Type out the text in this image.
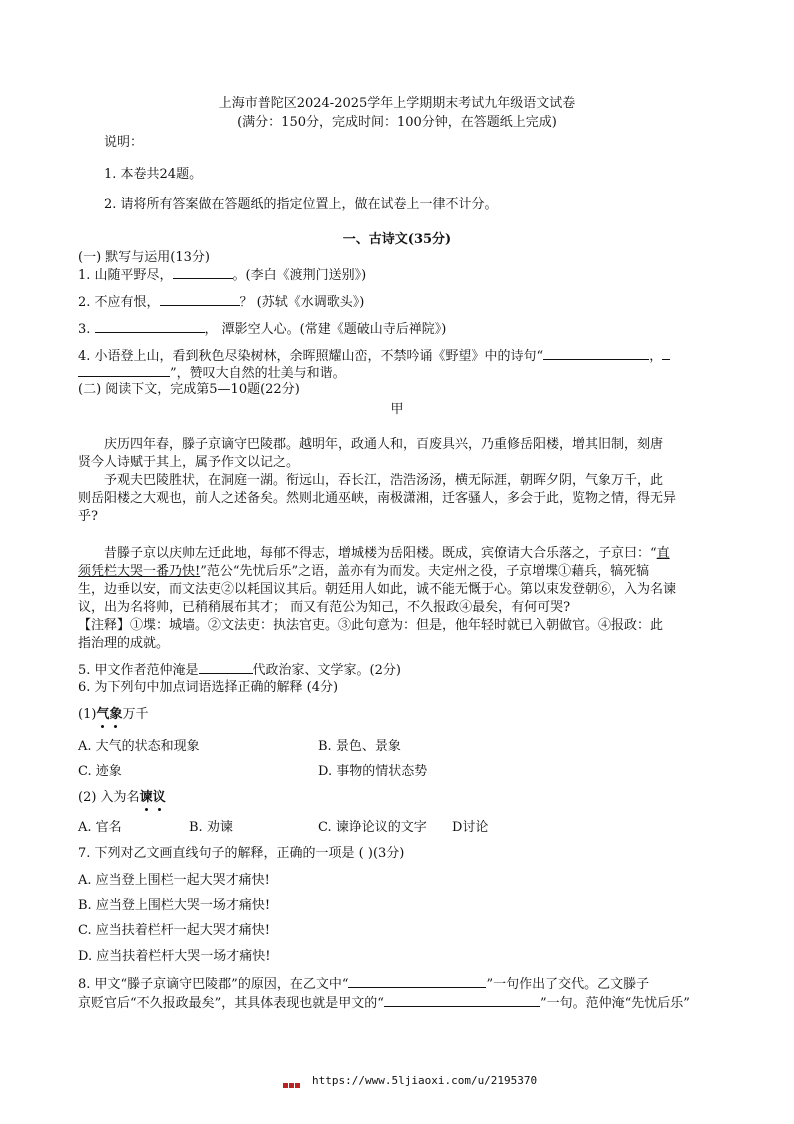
上海市普陀区2024-2025学年上学期期末考试九年级语文试卷
(满分：150分，完成时间：100分钟，在答题纸上完成)
说明：
1. 本卷共24题。
2. 请将所有答案做在答题纸的指定位置上，做在试卷上一律不计分。
一、古诗文(35分)
(一) 默写与运用(13分)
1. 山随平野尽，	。(李白《渡荆门送别》)
2. 不应有恨，	？ (苏轼《水调歌头》)
3.	， 潭影空人心。(常建《题破山寺后禅院》)
4. 小语登上山，看到秋色尽染树林，余晖照耀山峦，不禁吟诵《野望》中的诗句“	，
”，赞叹大自然的壮美与和谐。
(二) 阅读下文，完成第5—10题(22分)
甲
庆历四年春，滕子京谪守巴陵郡。越明年，政通人和，百废具兴，乃重修岳阳楼，增其旧制，刻唐
贤今人诗赋于其上，属予作文以记之。
予观夫巴陵胜状，在洞庭一湖。衔远山，吞长江，浩浩汤汤，横无际涯，朝晖夕阴，气象万千，此
则岳阳楼之大观也，前人之述备矣。然则北通巫峡，南极潇湘，迁客骚人，多会于此，览物之情，得无异
乎?
昔滕子京以庆帅左迁此地，每郁不得志，增城楼为岳阳楼。既成，宾僚请大合乐落之，子京曰：“直
须凭栏大哭一番乃快!”范公“先忧后乐”之语，盖亦有为而发。夫定州之役，子京增堞①藉兵，犒死犒
生，边垂以安，而文法吏②以耗国议其后。朝廷用人如此，诚不能无慨于心。第以束发登朝⑥，入为名谏
议，出为名将帅，已稍稍展布其才； 而又有范公为知己，不久报政④最矣，有何可哭?
【注释】①堞：城墙。②文法吏：执法官吏。③此句意为：但是，他年轻时就已入朝做官。④报政：此
指治理的成就。
5. 甲文作者范仲淹是	代政治家、文学家。(2分)
6. 为下列句中加点词语选择正确的解释 (4分)
(1)气象万千
A. 大气的状态和现象	B. 景色、景象
C. 迹象	D. 事物的情状态势
(2) 入为名谏议
A. 官名	B. 劝谏	C. 谏诤论议的文字 D讨论
7. 下列对乙文画直线句子的解释，正确的一项是 ( )(3分)
A. 应当登上围栏一起大哭才痛快!
B. 应当登上围栏大哭一场才痛快!
C. 应当扶着栏杆一起大哭才痛快!
D. 应当扶着栏杆大哭一场才痛快!
8. 甲文“滕子京谪守巴陵郡”的原因，在乙文中“	”一句作出了交代。乙文滕子
京贬官后“不久报政最矣”，其具体表现也就是甲文的“	”一句。范仲淹“先忧后乐”
https://www.5ljiaoxi.com/u/2195370
